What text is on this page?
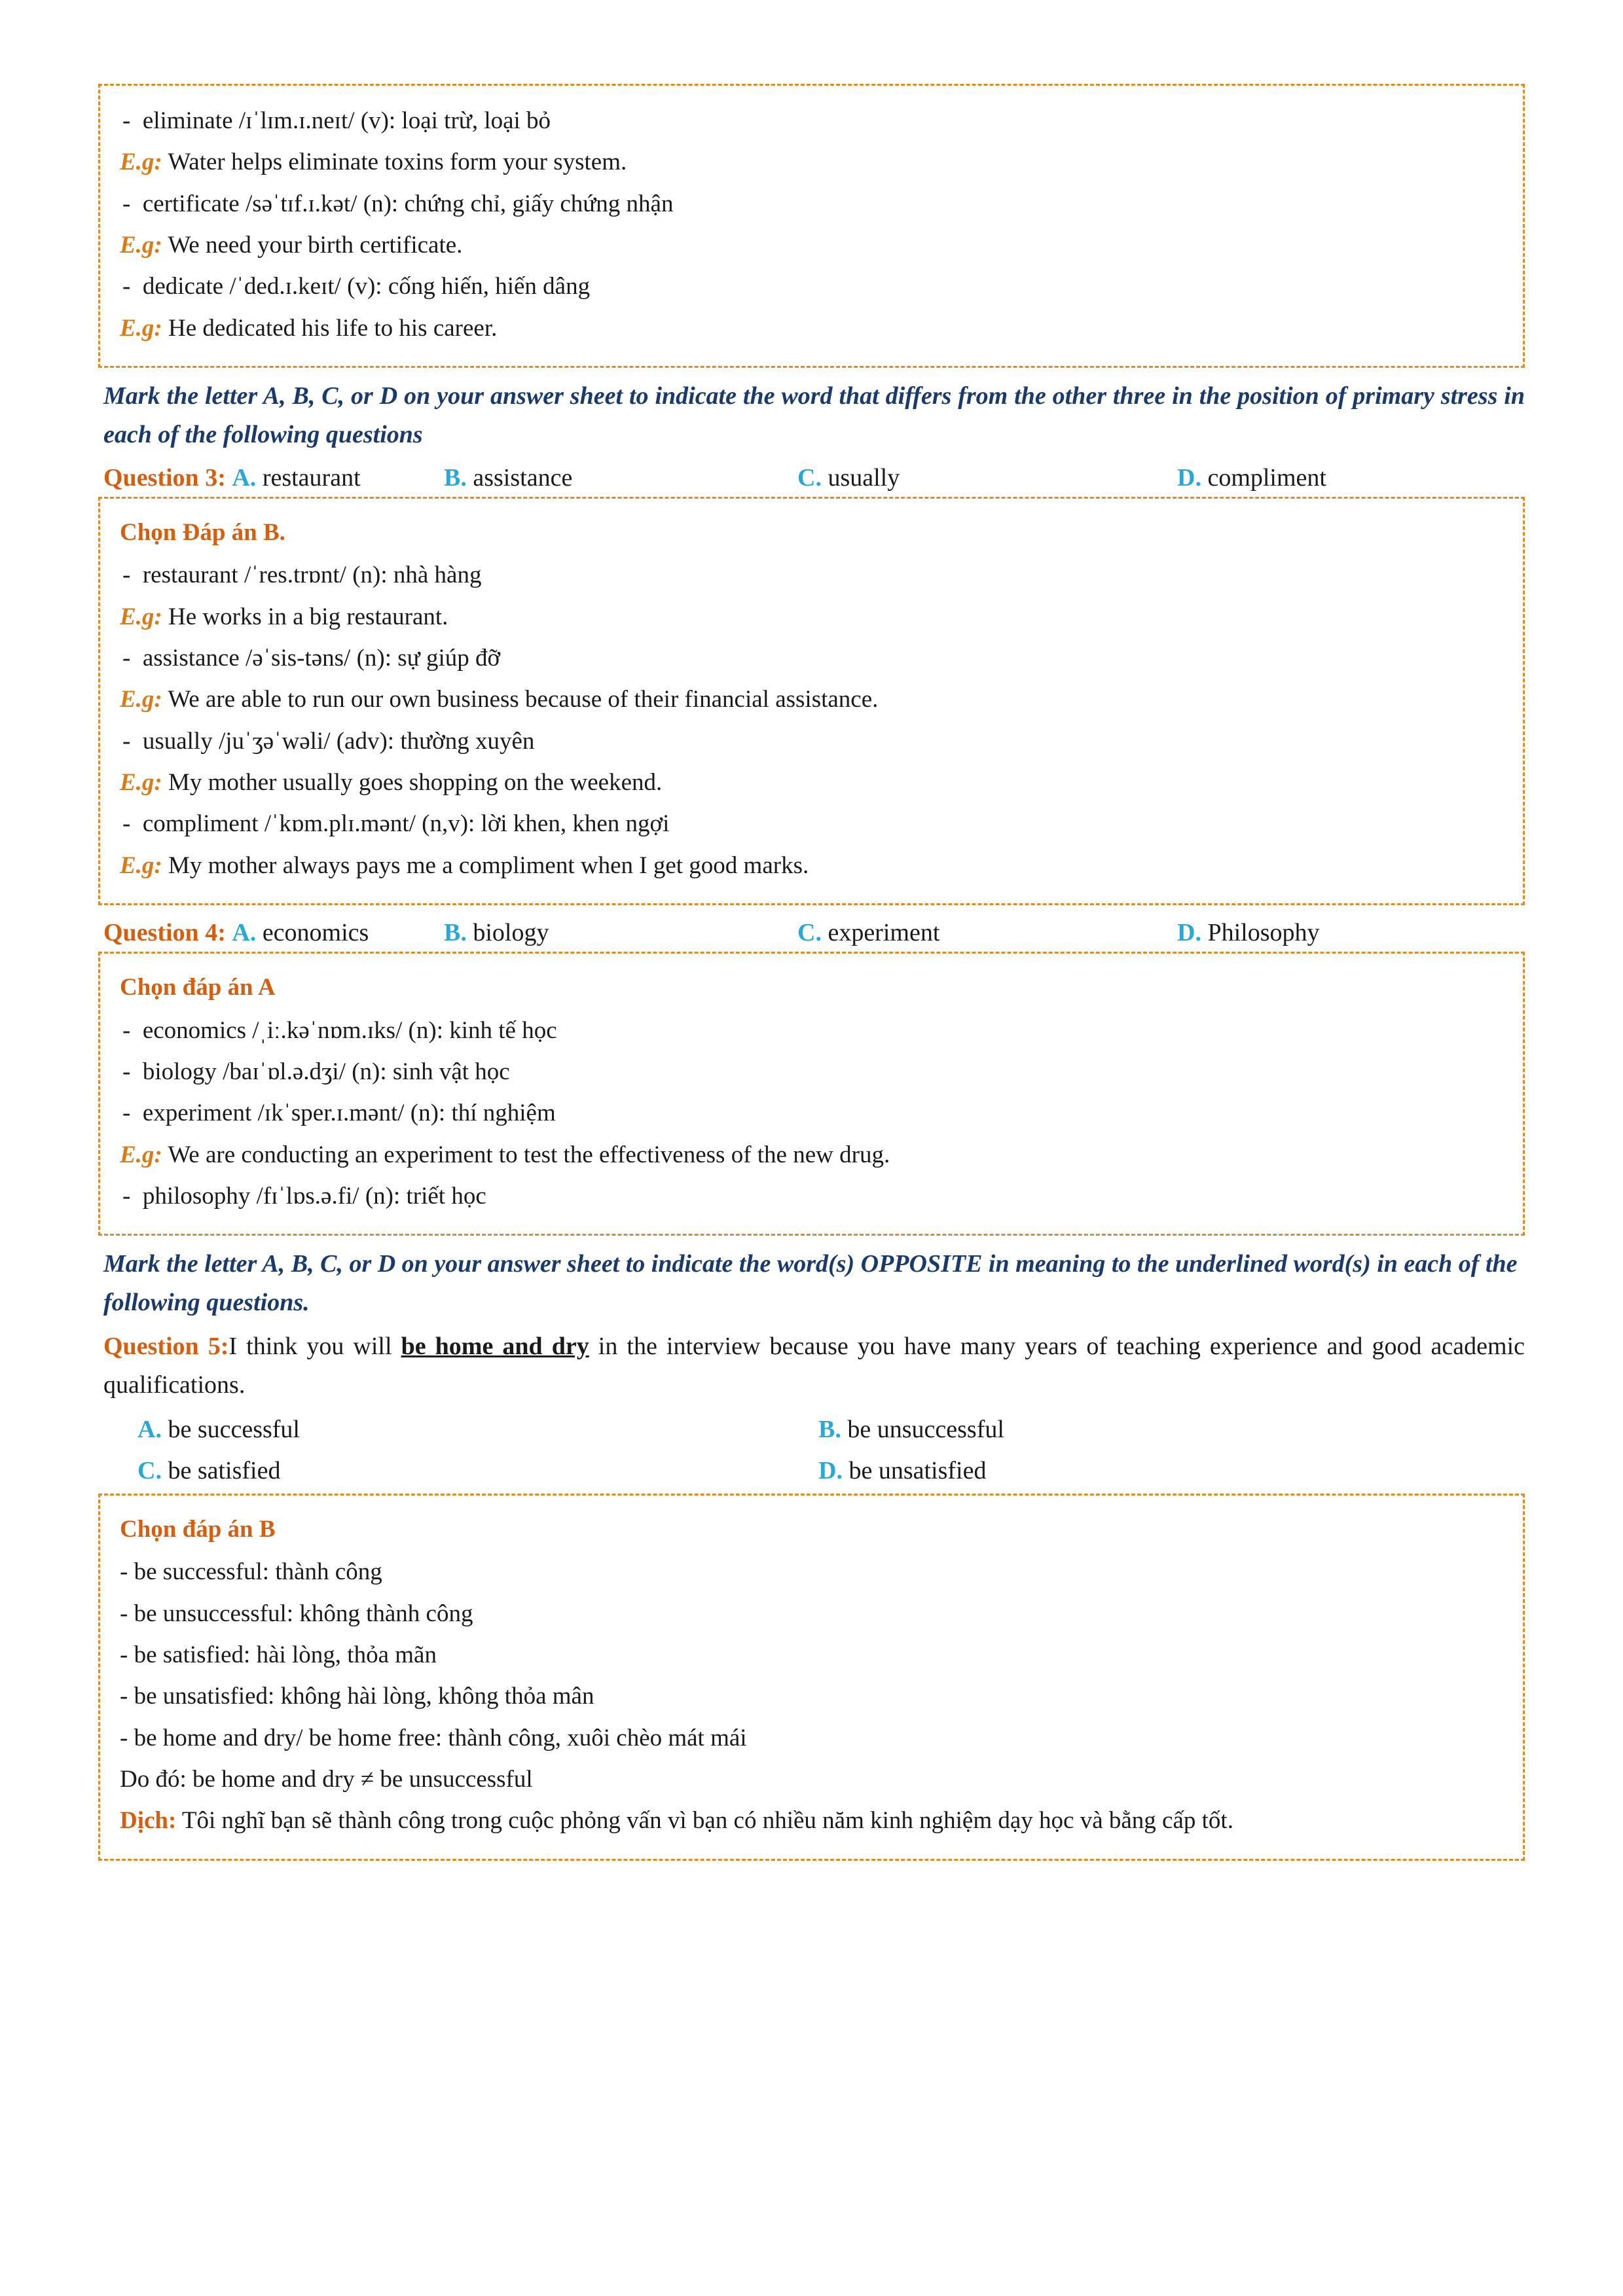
-  eliminate /ɪˈlɪm.ɪ.neɪt/ (v): loại trừ, loại bỏ

E.g: Water helps eliminate toxins form your system.

-  certificate /səˈtɪf.ɪ.kət/ (n): chứng chỉ, giấy chứng nhận

E.g: We need your birth certificate.

-  dedicate /ˈded.ɪ.keɪt/ (v): cống hiến, hiến dâng

E.g: He dedicated his life to his career.

Mark the letter A, B, C, or D on your answer sheet to indicate the word that differs from the other three in the position of primary stress in each of the following questions

Question 3: A. restaurant	B. assistance	C. usually	D. compliment

Chọn Đáp án B.

-  restaurant /ˈres.trɒnt/ (n): nhà hàng

E.g: He works in a big restaurant.

-  assistance /əˈsis-təns/ (n): sự giúp đỡ

E.g: We are able to run our own business because of their financial assistance.

-  usually /juˈʒəˈwəli/ (adv): thường xuyên

E.g: My mother usually goes shopping on the weekend.

-  compliment /ˈkɒm.plɪ.mənt/ (n,v): lời khen, khen ngợi

E.g: My mother always pays me a compliment when I get good marks.

Question 4: A. economics	B. biology	C. experiment	D. Philosophy

Chọn đáp án A

-  economics /ˌiː.kəˈnɒm.ɪks/ (n): kinh tế học

-  biology /baɪˈɒl.ə.dʒi/ (n): sinh vật học

-  experiment /ɪkˈsper.ɪ.mənt/ (n): thí nghiệm

E.g: We are conducting an experiment to test the effectiveness of the new drug.

-  philosophy /fɪˈlɒs.ə.fi/ (n): triết học

Mark the letter A, B, C, or D on your answer sheet to indicate the word(s) OPPOSITE in meaning to the underlined word(s) in each of the following questions.

Question 5:I think you will be home and dry in the interview because you have many years of teaching experience and good academic qualifications.

A. be successful	B. be unsuccessful
C. be satisfied	D. be unsatisfied

Chọn đáp án B

- be successful: thành công

- be unsuccessful: không thành công

- be satisfied: hài lòng, thỏa mãn

- be unsatisfied: không hài lòng, không thỏa mân

- be home and dry/ be home free: thành công, xuôi chèo mát mái

Do đó: be home and dry ≠ be unsuccessful

Dịch: Tôi nghĩ bạn sẽ thành công trong cuộc phỏng vấn vì bạn có nhiều năm kinh nghiệm dạy học và bằng cấp tốt.
